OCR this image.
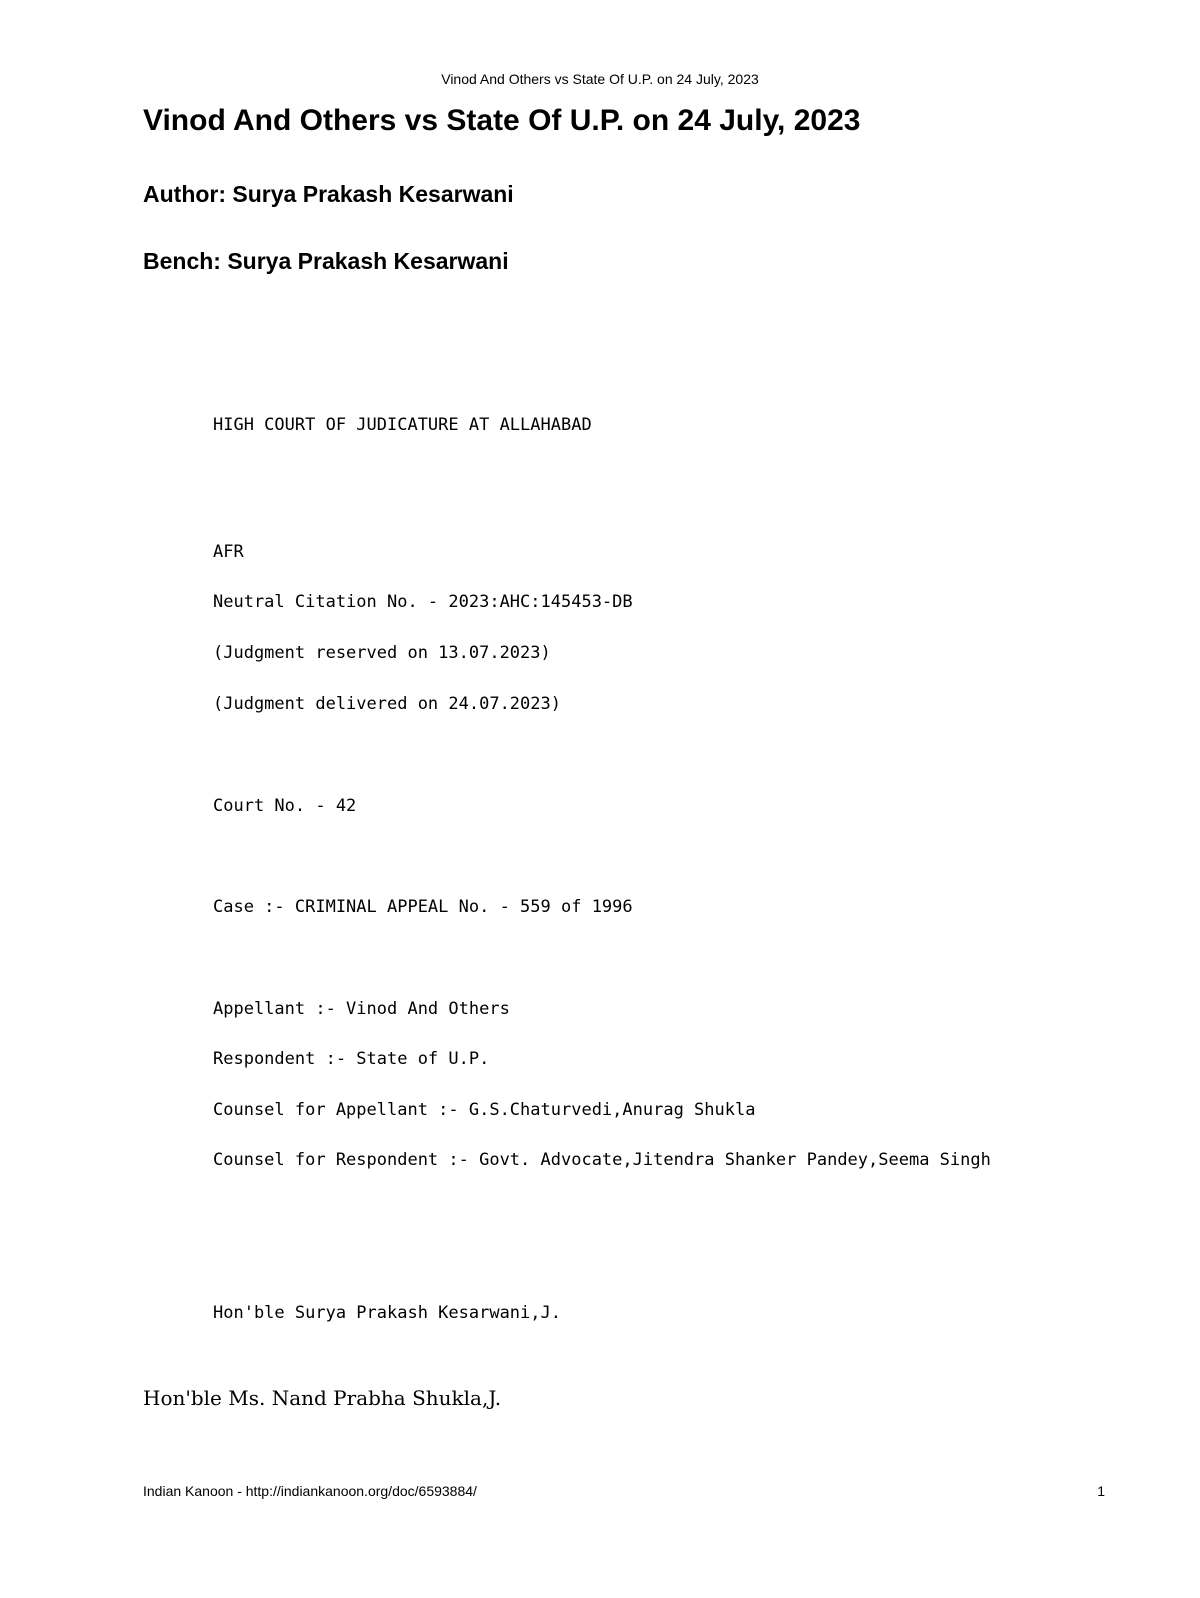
Vinod And Others vs State Of U.P. on 24 July, 2023
Vinod And Others vs State Of U.P. on 24 July, 2023
Author: Surya Prakash Kesarwani
Bench: Surya Prakash Kesarwani
HIGH COURT OF JUDICATURE AT ALLAHABAD
AFR
Neutral Citation No. - 2023:AHC:145453-DB
(Judgment reserved on 13.07.2023)
(Judgment delivered on 24.07.2023)
Court No. - 42
Case :- CRIMINAL APPEAL No. - 559 of 1996
Appellant :- Vinod And Others
Respondent :- State of U.P.
Counsel for Appellant :- G.S.Chaturvedi,Anurag Shukla
Counsel for Respondent :- Govt. Advocate,Jitendra Shanker Pandey,Seema Singh
Hon'ble Surya Prakash Kesarwani,J.
Hon'ble Ms. Nand Prabha Shukla,J.
Indian Kanoon - http://indiankanoon.org/doc/6593884/	1
